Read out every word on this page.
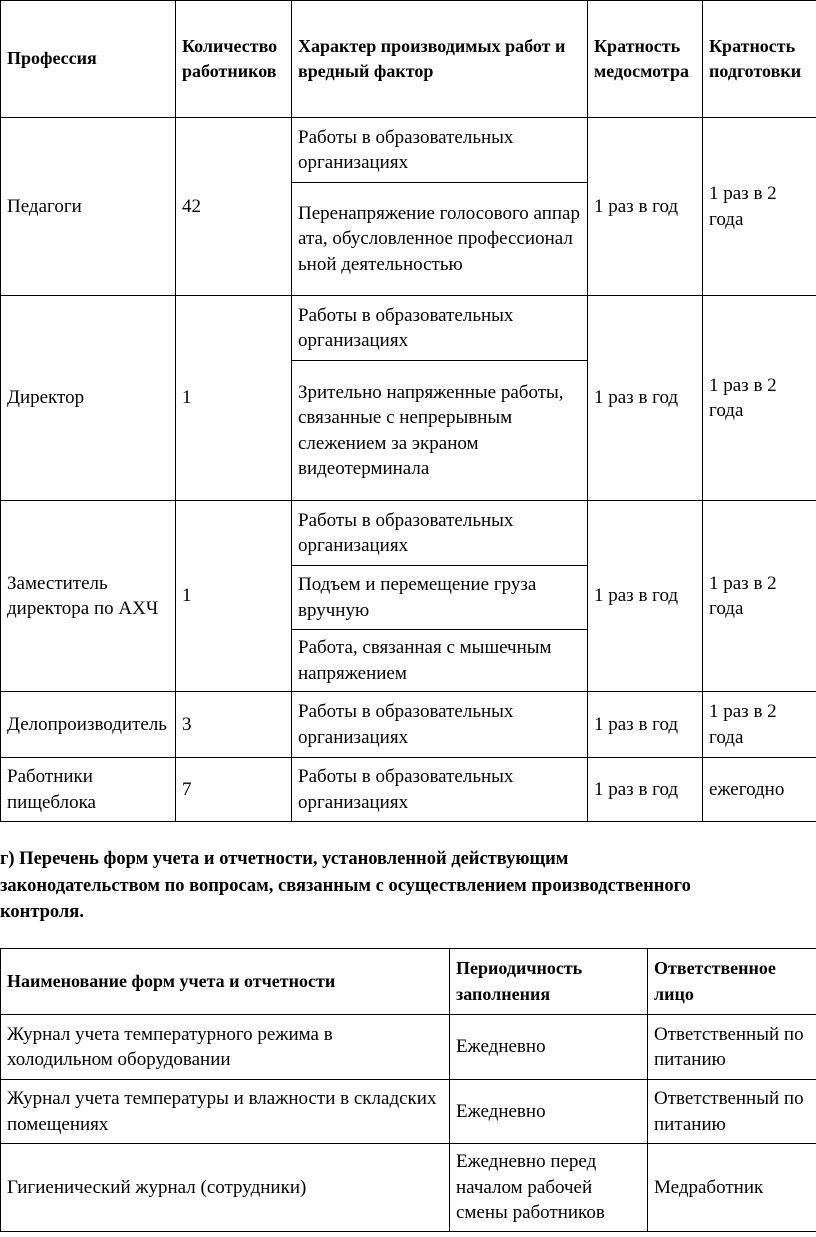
Профессия	Количество работников	Характер производимых работ и вредный фактор	Кратность медосмотра	Кратность подготовки
Педагоги	42	Работы в образовательных организациях	1 раз в год	1 раз в 2 года
		Перенапряжение голосового аппарата, обусловленное профессиональной деятельностью		
Директор	1	Работы в образовательных организациях	1 раз в год	1 раз в 2 года
		Зрительно напряженные работы, связанные с непрерывным слежением за экраном видеотерминала		
Заместитель директора по АХЧ	1	Работы в образовательных организациях	1 раз в год	1 раз в 2 года
		Подъем и перемещение груза вручную		
		Работа, связанная с мышечным напряжением		
Делопроизводитель	3	Работы в образовательных организациях	1 раз в год	1 раз в 2 года
Работники пищеблока	7	Работы в образовательных организациях	1 раз в год	ежегодно

г) Перечень форм учета и отчетности, установленной действующим

законодательством по вопросам, связанным с осуществлением производственного

контроля.

Наименование форм учета и отчетности	Периодичность заполнения	Ответственное лицо
Журнал учета температурного режима в холодильном оборудовании	Ежедневно	Ответственный по питанию
Журнал учета температуры и влажности в складских помещениях	Ежедневно	Ответственный по питанию
Гигиенический журнал (сотрудники)	Ежедневно перед началом рабочей смены работников	Медработник
